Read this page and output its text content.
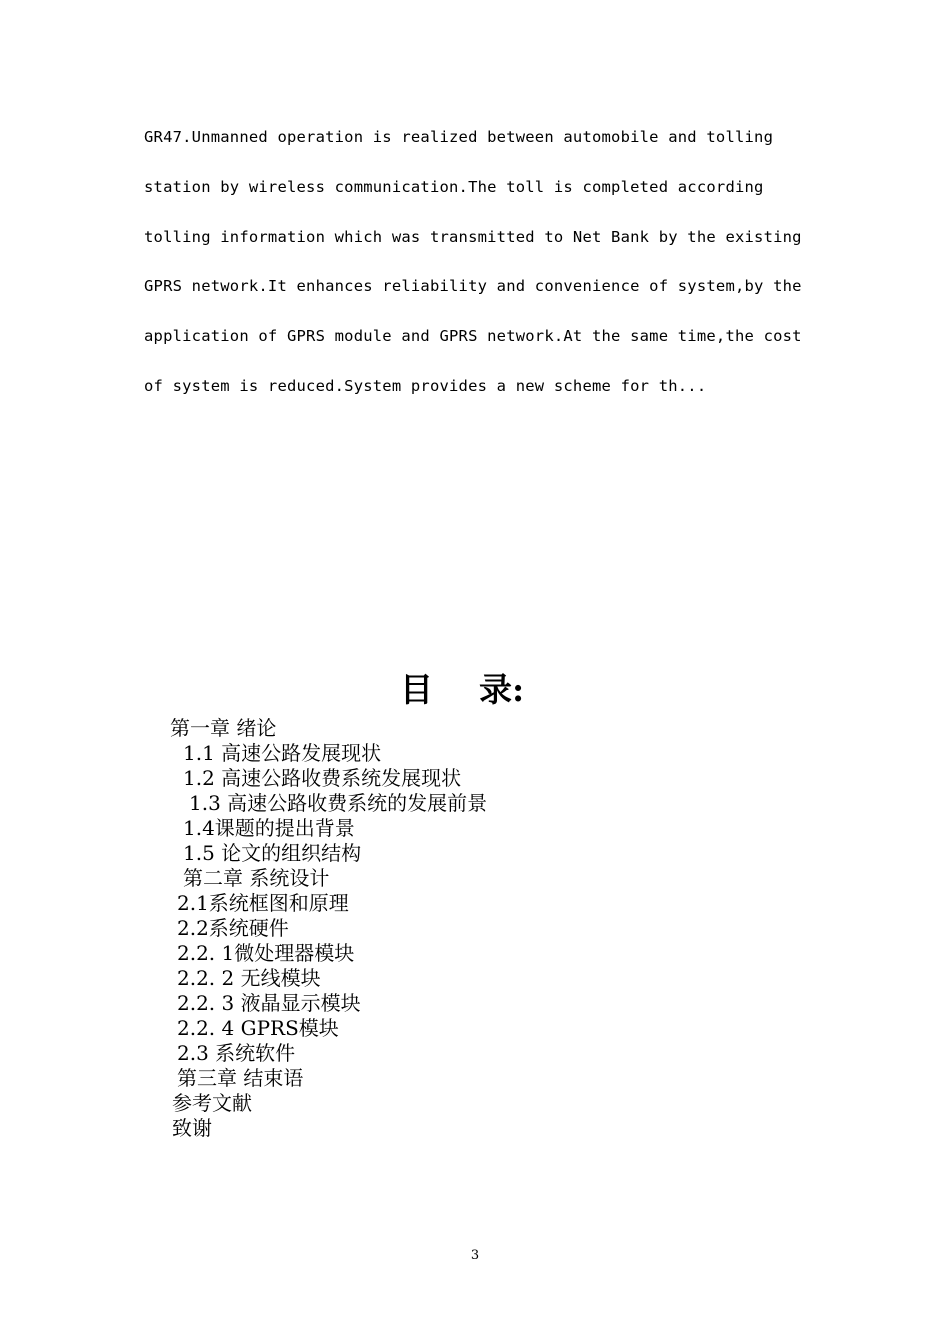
GR47.Unmanned operation is realized between automobile and tolling
station by wireless communication.The toll is completed according
tolling information which was transmitted to Net Bank by the existing
GPRS network.It enhances reliability and convenience of system,by the
application of GPRS module and GPRS network.At the same time,the cost
of system is reduced.System provides a new scheme for th...
目    录:
第一章 绪论
1.1 高速公路发展现状
1.2 高速公路收费系统发展现状
1.3 高速公路收费系统的发展前景
1.4课题的提出背景
1.5 论文的组织结构
第二章 系统设计
2.1系统框图和原理
2.2系统硬件
2.2. 1微处理器模块
2.2. 2 无线模块
2.2. 3 液晶显示模块
2.2. 4 GPRS模块
2.3 系统软件
第三章 结束语
参考文献
致谢
3
